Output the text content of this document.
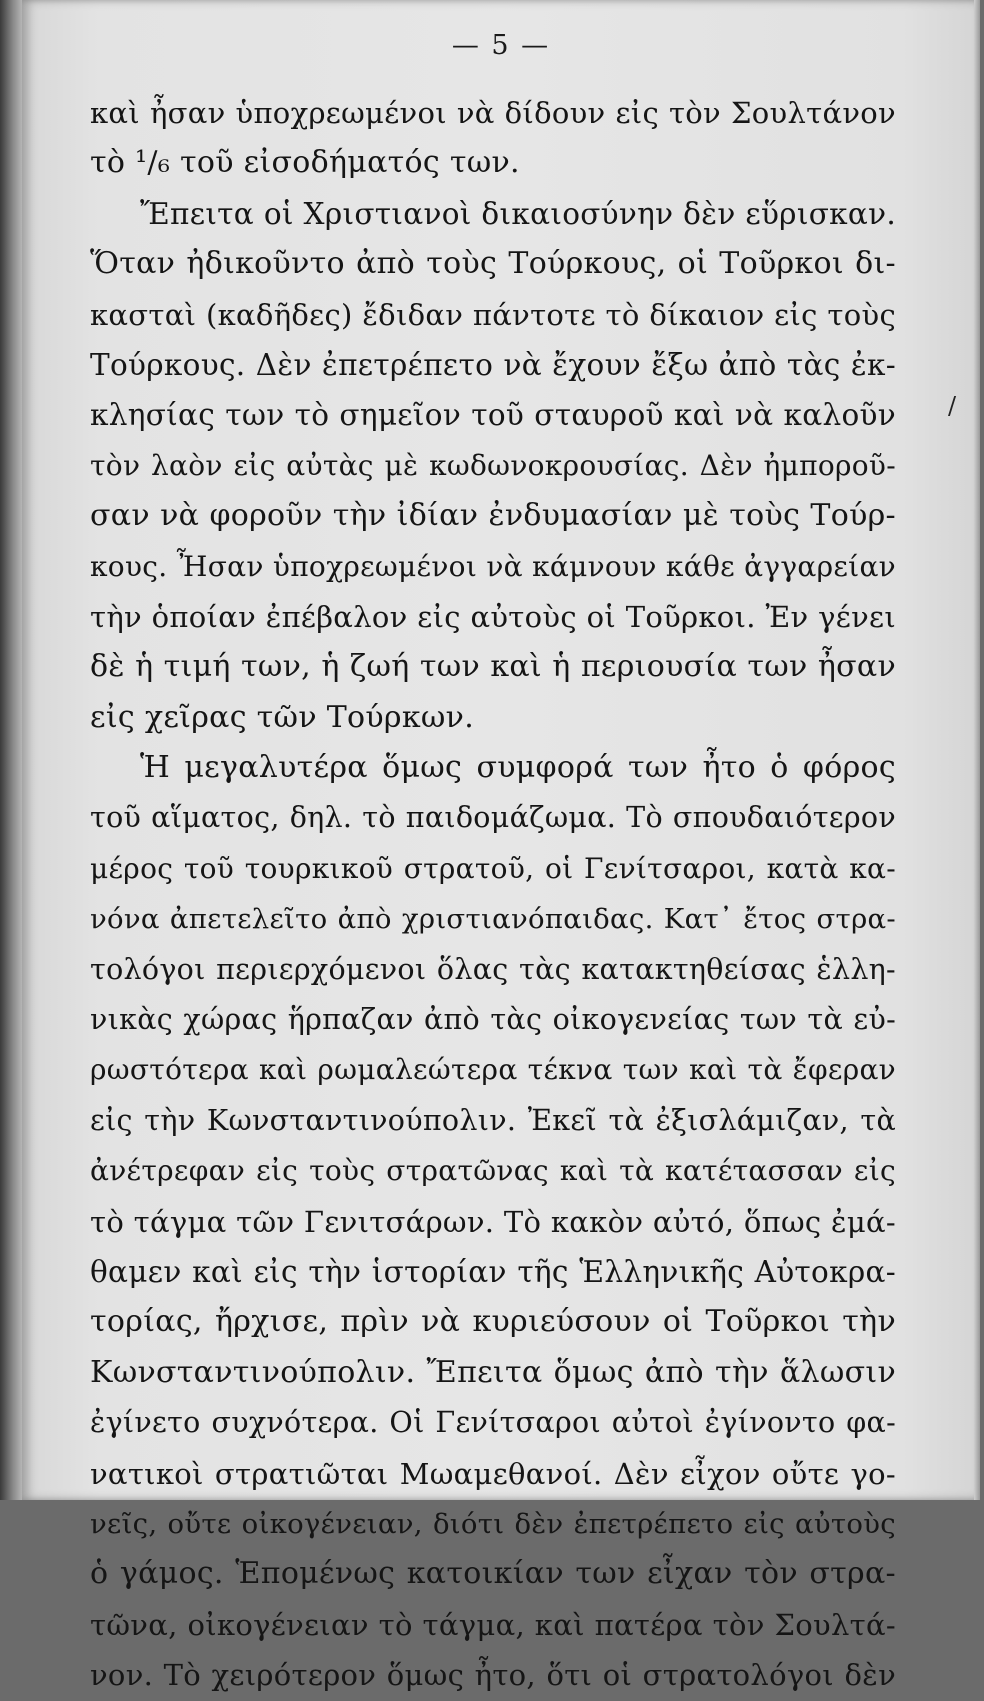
— 5 —
/
καὶ ἦσαν ὑποχρεωμένοι νὰ δίδουν εἰς τὸν Σουλτάνον
τὸ ¹/₆ τοῦ εἰσοδήματός των.
Ἔπειτα οἱ Χριστιανοὶ δικαιοσύνην δὲν εὕρισκαν.
Ὅταν ἠδικοῦντο ἀπὸ τοὺς Τούρκους, οἱ Τοῦρκοι δι-
κασταὶ (καδῆδες) ἔδιδαν πάντοτε τὸ δίκαιον εἰς τοὺς
Τούρκους. Δὲν ἐπετρέπετο νὰ ἔχουν ἔξω ἀπὸ τὰς ἐκ-
κλησίας των τὸ σημεῖον τοῦ σταυροῦ καὶ νὰ καλοῦν
τὸν λαὸν εἰς αὐτὰς μὲ κωδωνοκρουσίας. Δὲν ἠμποροῦ-
σαν νὰ φοροῦν τὴν ἰδίαν ἐνδυμασίαν μὲ τοὺς Τούρ-
κους. Ἦσαν ὑποχρεωμένοι νὰ κάμνουν κάθε ἀγγαρείαν
τὴν ὁποίαν ἐπέβαλον εἰς αὐτοὺς οἱ Τοῦρκοι. Ἐν γένει
δὲ ἡ τιμή των, ἡ ζωή των καὶ ἡ περιουσία των ἦσαν
εἰς χεῖρας τῶν Τούρκων.
Ἡ μεγαλυτέρα ὅμως συμφορά των ἦτο ὁ φόρος
τοῦ αἵματος, δηλ. τὸ παιδομάζωμα. Τὸ σπουδαιότερον
μέρος τοῦ τουρκικοῦ στρατοῦ, οἱ Γενίτσαροι, κατὰ κα-
νόνα ἀπετελεῖτο ἀπὸ χριστιανόπαιδας. Κατ᾽ ἔτος στρα-
τολόγοι περιερχόμενοι ὅλας τὰς κατακτηθείσας ἑλλη-
νικὰς χώρας ἥρπαζαν ἀπὸ τὰς οἰκογενείας των τὰ εὐ-
ρωστότερα καὶ ρωμαλεώτερα τέκνα των καὶ τὰ ἔφεραν
εἰς τὴν Κωνσταντινούπολιν. Ἐκεῖ τὰ ἐξισλάμιζαν, τὰ
ἀνέτρεφαν εἰς τοὺς στρατῶνας καὶ τὰ κατέτασσαν εἰς
τὸ τάγμα τῶν Γενιτσάρων. Τὸ κακὸν αὐτό, ὅπως ἐμά-
θαμεν καὶ εἰς τὴν ἱστορίαν τῆς Ἑλληνικῆς Αὐτοκρα-
τορίας, ἤρχισε, πρὶν νὰ κυριεύσουν οἱ Τοῦρκοι τὴν
Κωνσταντινούπολιν. Ἔπειτα ὅμως ἀπὸ τὴν ἅλωσιν
ἐγίνετο συχνότερα. Οἱ Γενίτσαροι αὐτοὶ ἐγίνοντο φα-
νατικοὶ στρατιῶται Μωαμεθανοί. Δὲν εἶχον οὔτε γο-
νεῖς, οὔτε οἰκογένειαν, διότι δὲν ἐπετρέπετο εἰς αὐτοὺς
ὁ γάμος. Ἑπομένως κατοικίαν των εἶχαν τὸν στρα-
τῶνα, οἰκογένειαν τὸ τάγμα, καὶ πατέρα τὸν Σουλτά-
νον. Τὸ χειρότερον ὅμως ἦτο, ὅτι οἱ στρατολόγοι δὲν
